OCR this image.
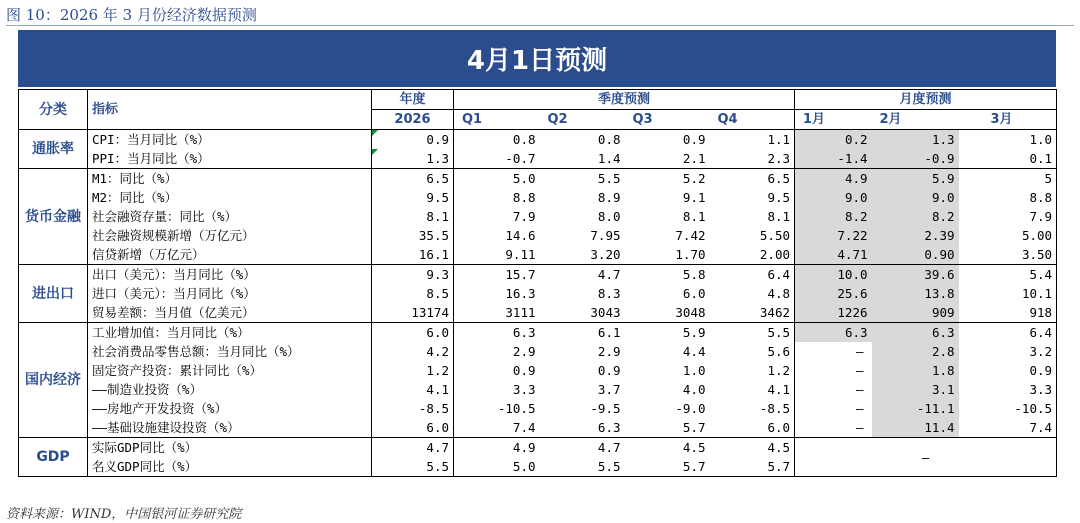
图 10：2026 年 3 月份经济数据预测
4月1日预测
分类	指标	年度	季度预测				月度预测		
		2026	Q1	Q2	Q3	Q4	1月	2月	3月
通胀率	CPI：当月同比（%）	0.9	0.8	0.8	0.9	1.1	0.2	1.3	1.0
	PPI：当月同比（%）	1.3	-0.7	1.4	2.1	2.3	-1.4	-0.9	0.1
货币金融	M1：同比（%）	6.5	5.0	5.5	5.2	6.5	4.9	5.9	5
	M2：同比（%）	9.5	8.8	8.9	9.1	9.5	9.0	9.0	8.8
	社会融资存量：同比（%）	8.1	7.9	8.0	8.1	8.1	8.2	8.2	7.9
	社会融资规模新增（万亿元）	35.5	14.6	7.95	7.42	5.50	7.22	2.39	5.00
	信贷新增（万亿元）	16.1	9.11	3.20	1.70	2.00	4.71	0.90	3.50
进出口	出口（美元）：当月同比（%）	9.3	15.7	4.7	5.8	6.4	10.0	39.6	5.4
	进口（美元）：当月同比（%）	8.5	16.3	8.3	6.0	4.8	25.6	13.8	10.1
	贸易差额：当月值（亿美元）	13174	3111	3043	3048	3462	1226	909	918
国内经济	工业增加值：当月同比（%）	6.0	6.3	6.1	5.9	5.5	6.3	6.3	6.4
	社会消费品零售总额：当月同比（%）	4.2	2.9	2.9	4.4	5.6	–	2.8	3.2
	固定资产投资：累计同比（%）	1.2	0.9	0.9	1.0	1.2	–	1.8	0.9
	——制造业投资（%）	4.1	3.3	3.7	4.0	4.1	–	3.1	3.3
	——房地产开发投资（%）	-8.5	-10.5	-9.5	-9.0	-8.5	–	-11.1	-10.5
	——基础设施建设投资（%）	6.0	7.4	6.3	5.7	6.0	–	11.4	7.4
GDP	实际GDP同比（%）	4.7	4.9	4.7	4.5	4.5	–		
	名义GDP同比（%）	5.5	5.0	5.5	5.7	5.7			
资料来源：WIND，中国银河证券研究院
